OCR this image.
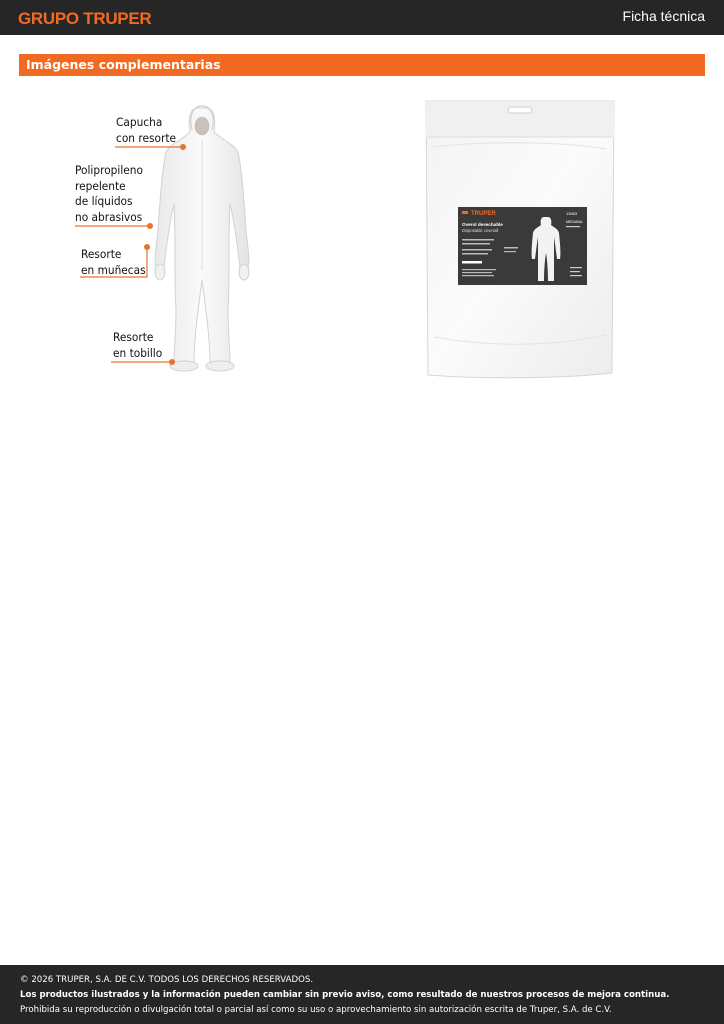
GRUPO TRUPER	Ficha técnica
Imágenes complementarias
Capucha
con resorte
Polipropileno
repelente
de líquidos
no abrasivos
Resorte
en muñecas
Resorte
en tobillo
TRUPER	13963
Overol desechable
Disposable coverall
MEDIANA
© 2026 TRUPER, S.A. DE C.V. TODOS LOS DERECHOS RESERVADOS.
Los productos ilustrados y la información pueden cambiar sin previo aviso, como resultado de nuestros procesos de mejora continua.
Prohibida su reproducción o divulgación total o parcial así como su uso o aprovechamiento sin autorización escrita de Truper, S.A. de C.V.
